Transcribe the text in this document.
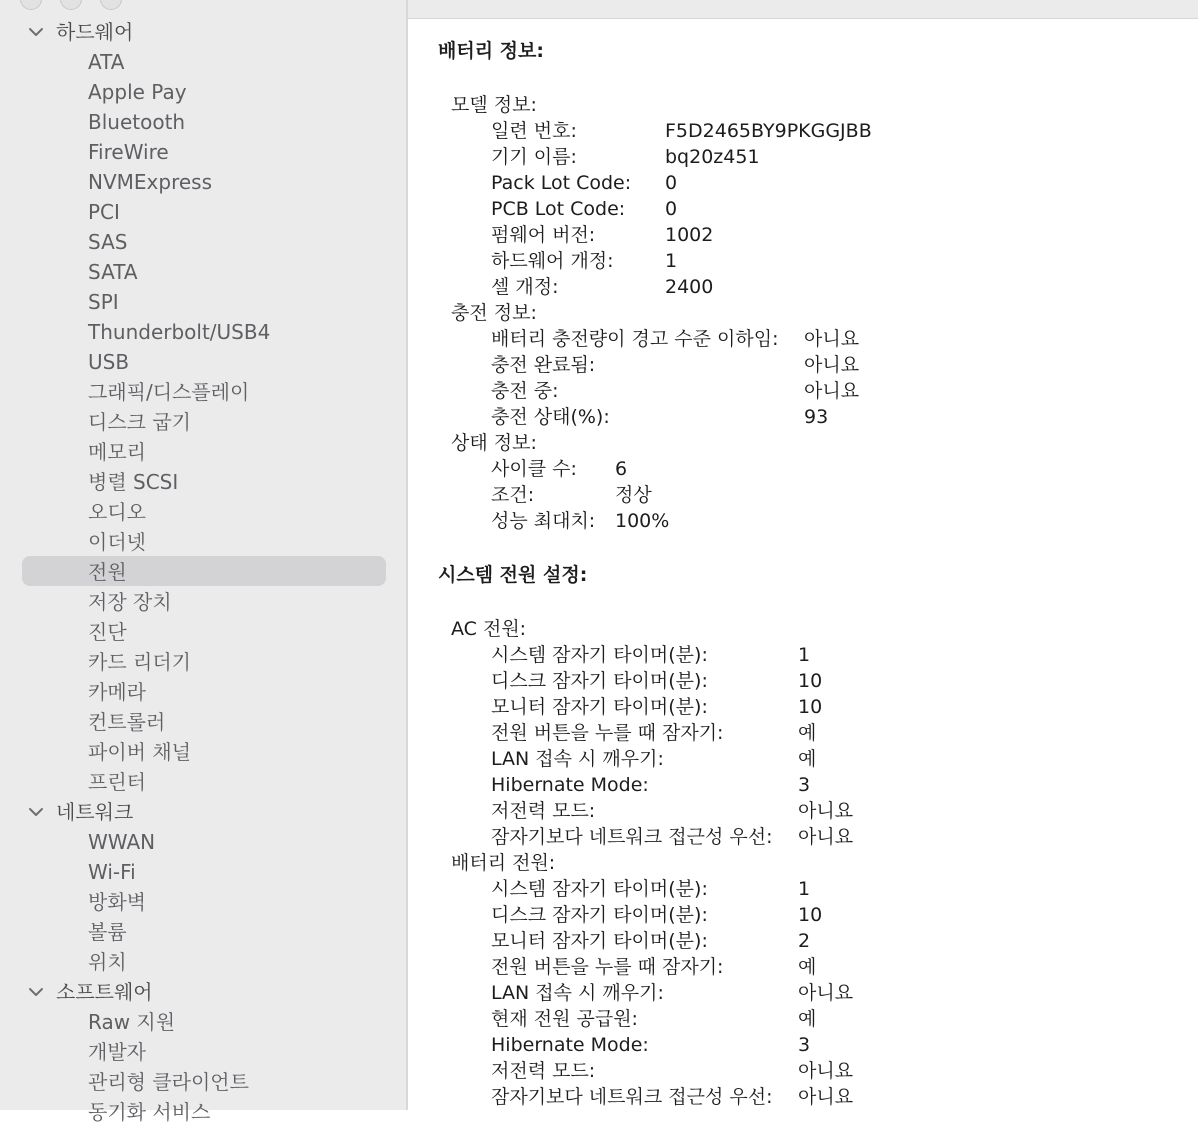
하드웨어
ATA
Apple Pay
Bluetooth
FireWire
NVMExpress
PCI
SAS
SATA
SPI
Thunderbolt/USB4
USB
그래픽/디스플레이
디스크 굽기
메모리
병렬 SCSI
오디오
이더넷
전원
저장 장치
진단
카드 리더기
카메라
컨트롤러
파이버 채널
프린터
네트워크
WWAN
Wi-Fi
방화벽
볼륨
위치
소프트웨어
Raw 지원
개발자
관리형 클라이언트
동기화 서비스
배터리 정보:
모델 정보:
일련 번호:	F5D2465BY9PKGGJBB
기기 이름:	bq20z451
Pack Lot Code: 0
PCB Lot Code: 0
펌웨어 버전:	1002
하드웨어 개정:	1
셀 개정:	2400
충전 정보:
배터리 충전량이 경고 수준 이하임: 아니요
충전 완료됨:	아니요
충전 중:	아니요
충전 상태(%):	93
상태 정보:
사이클 수: 6
조건:	정상
성능 최대치: 100%
시스템 전원 설정:
AC 전원:
시스템 잠자기 타이머(분):	1
디스크 잠자기 타이머(분):	10
모니터 잠자기 타이머(분):	10
전원 버튼을 누를 때 잠자기:	예
LAN 접속 시 깨우기:	예
Hibernate Mode:	3
저전력 모드:	아니요
잠자기보다 네트워크 접근성 우선: 아니요
배터리 전원:
시스템 잠자기 타이머(분):	1
디스크 잠자기 타이머(분):	10
모니터 잠자기 타이머(분):	2
전원 버튼을 누를 때 잠자기:	예
LAN 접속 시 깨우기:	아니요
현재 전원 공급원:	예
Hibernate Mode:	3
저전력 모드:	아니요
잠자기보다 네트워크 접근성 우선: 아니요
